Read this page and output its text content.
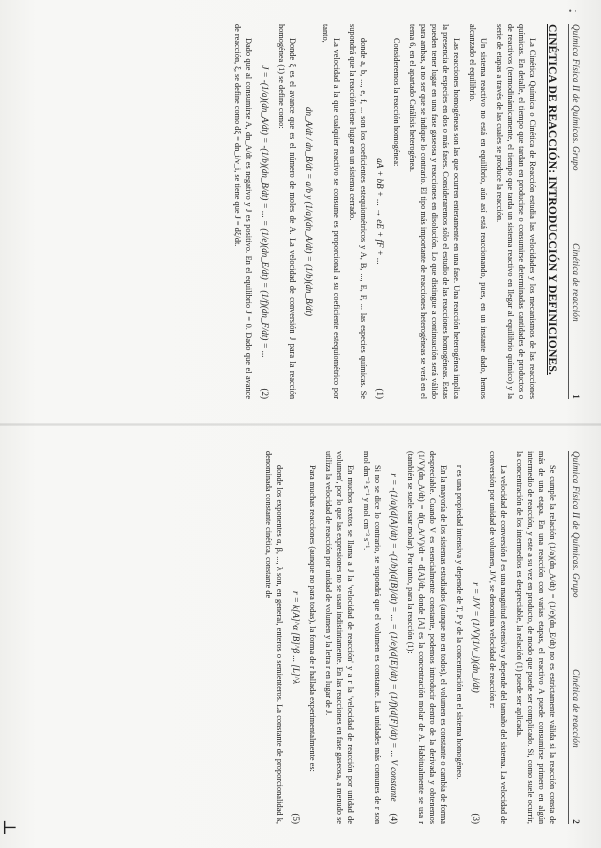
• ·
Química Física II de Químicas. Grupo
Cinética de reacción
1
CINÉTICA DE REACCIÓN: INTRODUCCIÓN Y DEFINICIONES.

La Cinética Química o Cinética de Reacción estudia las velocidades y los mecanismos de las reacciones químicas. En detalle, el tiempo que tardan en producirse o consumirse determinadas cantidades de productos o de reactivos (termodinámicamente, el tiempo que tarda un sistema reactivo en llegar al equilibrio químico) y la serie de etapas a través de las cuales se produce la reacción.

Un sistema reactivo no está en equilibrio, aún así está reaccionando, pues, en un instante dado, hemos alcanzado el equilibrio.

Las reacciones homogéneas son las que ocurren enteramente en una fase. Una reacción heterogénea implica la presencia de especies en dos o más fases. Consideraremos sólo el estudio de las reacciones homogéneas. Estas pueden tener lugar en una fase gaseosa y reacciones en disolución. Lo que distingue a continuación será válido para ambas, a no ser que se indique lo contrario. El tipo más importante de reacciones heterogéneas se verá en el tema 6, en el apartado Catálisis heterogénea.

Consideremos la reacción homogénea:

aA + bB + ... → eE + fF + ...
(1)

donde a, b, ..., e, f, ... son los coeficientes estequiométricos y A, B, ..., E, F, ... las especies químicas. Se supondrá que la reacción tiene lugar en un sistema cerrado.

La velocidad a la que cualquier reactivo se consume es proporcional a su coeficiente estequiométrico por tanto,

dn_A/dt / dn_B/dt = a/b y (1/a)(dn_A/dt) = (1/b)(dn_B/dt)

Donde ξ es el avance que es el número de moles de A. La velocidad de conversión J para la reacción homogénea (1) se define como:

J = -(1/a)(dn_A/dt) = -(1/b)(dn_B/dt) = ... = (1/e)(dn_E/dt) = (1/f)(dn_F/dt) = ...
(2)

Dado que al consumirse A, dn_A/dt es negativo y J es positivo. En el equilibrio J = 0. Dado que el avance de reacción, ξ, se define como dξ = dn_i/ν_i, se tiene que J = dξ/dt.

Química Física II de Químicas. Grupo
Cinética de reacción
2

Se cumple la relación (1/a)(dn_A/dt) = (1/e)(dn_E/dt) no es estrictamente válida si la reacción consta de más de una etapa. En una reacción con varias etapas, el reactivo A puede consumirse primero en algún intermedio de reacción, y este a su vez en producto, de modo que puede ser complicado. Si, como suele ocurrir, la concentración de los intermedios es despreciable, la relación (1) puede ser aplicada.

La velocidad de conversión J es una magnitud extensiva y depende del tamaño del sistema. La velocidad de conversión por unidad de volumen, J/V, se denomina velocidad de reacción r:

r = J/V = (1/V)(1/ν_i)(dn_i/dt)
(3)

r es una propiedad intensiva y depende de T, P y de la concentración en el sistema homogéneo.

En la mayoría de los sistemas estudiados (aunque no en todos), el volumen es constante o cambia de forma despreciable. Cuando V es esencialmente constante, podemos introducir dentro de la derivada y obtenemos (1/V)(dn_A/dt) = d(n_A/V)/dt = d[A]/dt, donde [A] es la concentración molar de A. Habitualmente se usa r (también se suele usar molar). Por tanto, para la reacción (1):

r = -(1/a)(d[A]/dt) = -(1/b)(d[B]/dt) = ... = (1/e)(d[E]/dt) = (1/f)(d[F]/dt) = ... V constante
(4)

Si no se dice lo contrario, se supondrá que el volumen es constante. Las unidades más comunes de r son mol dm⁻³ s⁻¹ y mol cm⁻³ s⁻¹.

En muchos textos se llama a J la 'velocidad de reacción' y a r la 'velocidad de reacción por unidad de volumen', por lo que las expresiones no se usan indistintamente. En las reacciones en fase gaseosa, a menudo se utiliza la velocidad de reacción por unidad de volumen y la letra r en lugar de J.

Para muchas reacciones (aunque no para todas), la forma de r hallada experimentalmente es:

r = k[A]^α [B]^β ... [L]^λ
(5)

donde los exponentes α, β, ..., λ son, en general, enteros o semienteros. La constante de proporcionalidad k, denominada constante cinética, constante de

⊢
